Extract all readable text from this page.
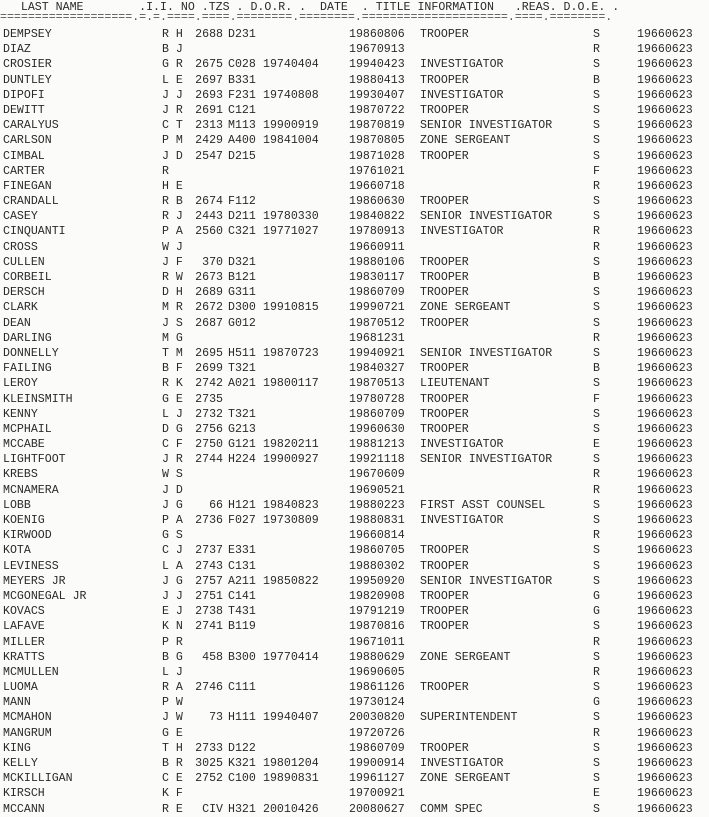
LAST NAME        .I.I. NO .TZS . D.O.R. .  DATE  . TITLE INFORMATION   .REAS. D.O.E. .
===================.=.=.====.====.========.========.=====================.====.========.
DEMPSEY	R H	2688 D231	19860806 TROOPER	S	19660623
DIAZ	B J	19670913	R	19660623
CROSIER	G R	2675 C028 19740404	19940423 INVESTIGATOR	S	19660623
DUNTLEY	L E	2697 B331	19880413 TROOPER	B	19660623
DIPOFI	J J	2693 F231 19740808	19930407 INVESTIGATOR	S	19660623
DEWITT	J R	2691 C121	19870722 TROOPER	S	19660623
CARALYUS	C T	2313 M113 19900919	19870819 SENIOR INVESTIGATOR	S	19660623
CARLSON	P M	2429 A400 19841004	19870805 ZONE SERGEANT	S	19660623
CIMBAL	J D	2547 D215	19871028 TROOPER	S	19660623
CARTER	R	19761021	F	19660623
FINEGAN	H E	19660718	R	19660623
CRANDALL	R B	2674 F112	19860630 TROOPER	S	19660623
CASEY	R J	2443 D211 19780330	19840822 SENIOR INVESTIGATOR	S	19660623
CINQUANTI	P A	2560 C321 19771027	19780913 INVESTIGATOR	R	19660623
CROSS	W J	19660911	R	19660623
CULLEN	J F	370 D321	19880106 TROOPER	S	19660623
CORBEIL	R W	2673 B121	19830117 TROOPER	B	19660623
DERSCH	D H	2689 G311	19860709 TROOPER	S	19660623
CLARK	M R	2672 D300 19910815	19990721 ZONE SERGEANT	S	19660623
DEAN	J S	2687 G012	19870512 TROOPER	S	19660623
DARLING	M G	19681231	R	19660623
DONNELLY	T M	2695 H511 19870723	19940921 SENIOR INVESTIGATOR	S	19660623
FAILING	B F	2699 T321	19840327 TROOPER	B	19660623
LEROY	R K	2742 A021 19800117	19870513 LIEUTENANT	S	19660623
KLEINSMITH	G E	2735	19780728 TROOPER	F	19660623
KENNY	L J	2732 T321	19860709 TROOPER	S	19660623
MCPHAIL	D G	2756 G213	19960630 TROOPER	S	19660623
MCCABE	C F	2750 G121 19820211	19881213 INVESTIGATOR	E	19660623
LIGHTFOOT	J R	2744 H224 19900927	19921118 SENIOR INVESTIGATOR	S	19660623
KREBS	W S	19670609	R	19660623
MCNAMERA	J D	19690521	R	19660623
LOBB	J G	66 H121 19840823	19880223 FIRST ASST COUNSEL	S	19660623
KOENIG	P A	2736 F027 19730809	19880831 INVESTIGATOR	S	19660623
KIRWOOD	G S	19660814	R	19660623
KOTA	C J	2737 E331	19860705 TROOPER	S	19660623
LEVINESS	L A	2743 C131	19880302 TROOPER	S	19660623
MEYERS JR	J G	2757 A211 19850822	19950920 SENIOR INVESTIGATOR	S	19660623
MCGONEGAL JR	J J	2751 C141	19820908 TROOPER	G	19660623
KOVACS	E J	2738 T431	19791219 TROOPER	G	19660623
LAFAVE	K N	2741 B119	19870816 TROOPER	S	19660623
MILLER	P R	19671011	R	19660623
KRATTS	B G	458 B300 19770414	19880629 ZONE SERGEANT	S	19660623
MCMULLEN	L J	19690605	R	19660623
LUOMA	R A	2746 C111	19861126 TROOPER	S	19660623
MANN	P W	19730124	G	19660623
MCMAHON	J W	73 H111 19940407	20030820 SUPERINTENDENT	S	19660623
MANGRUM	G E	19720726	R	19660623
KING	T H	2733 D122	19860709 TROOPER	S	19660623
KELLY	B R	3025 K321 19801204	19900914 INVESTIGATOR	S	19660623
MCKILLIGAN	C E	2752 C100 19890831	19961127 ZONE SERGEANT	S	19660623
KIRSCH	K F	19700921	E	19660623
MCCANN	R E	CIV H321 20010426	20080627 COMM SPEC	S	19660623
